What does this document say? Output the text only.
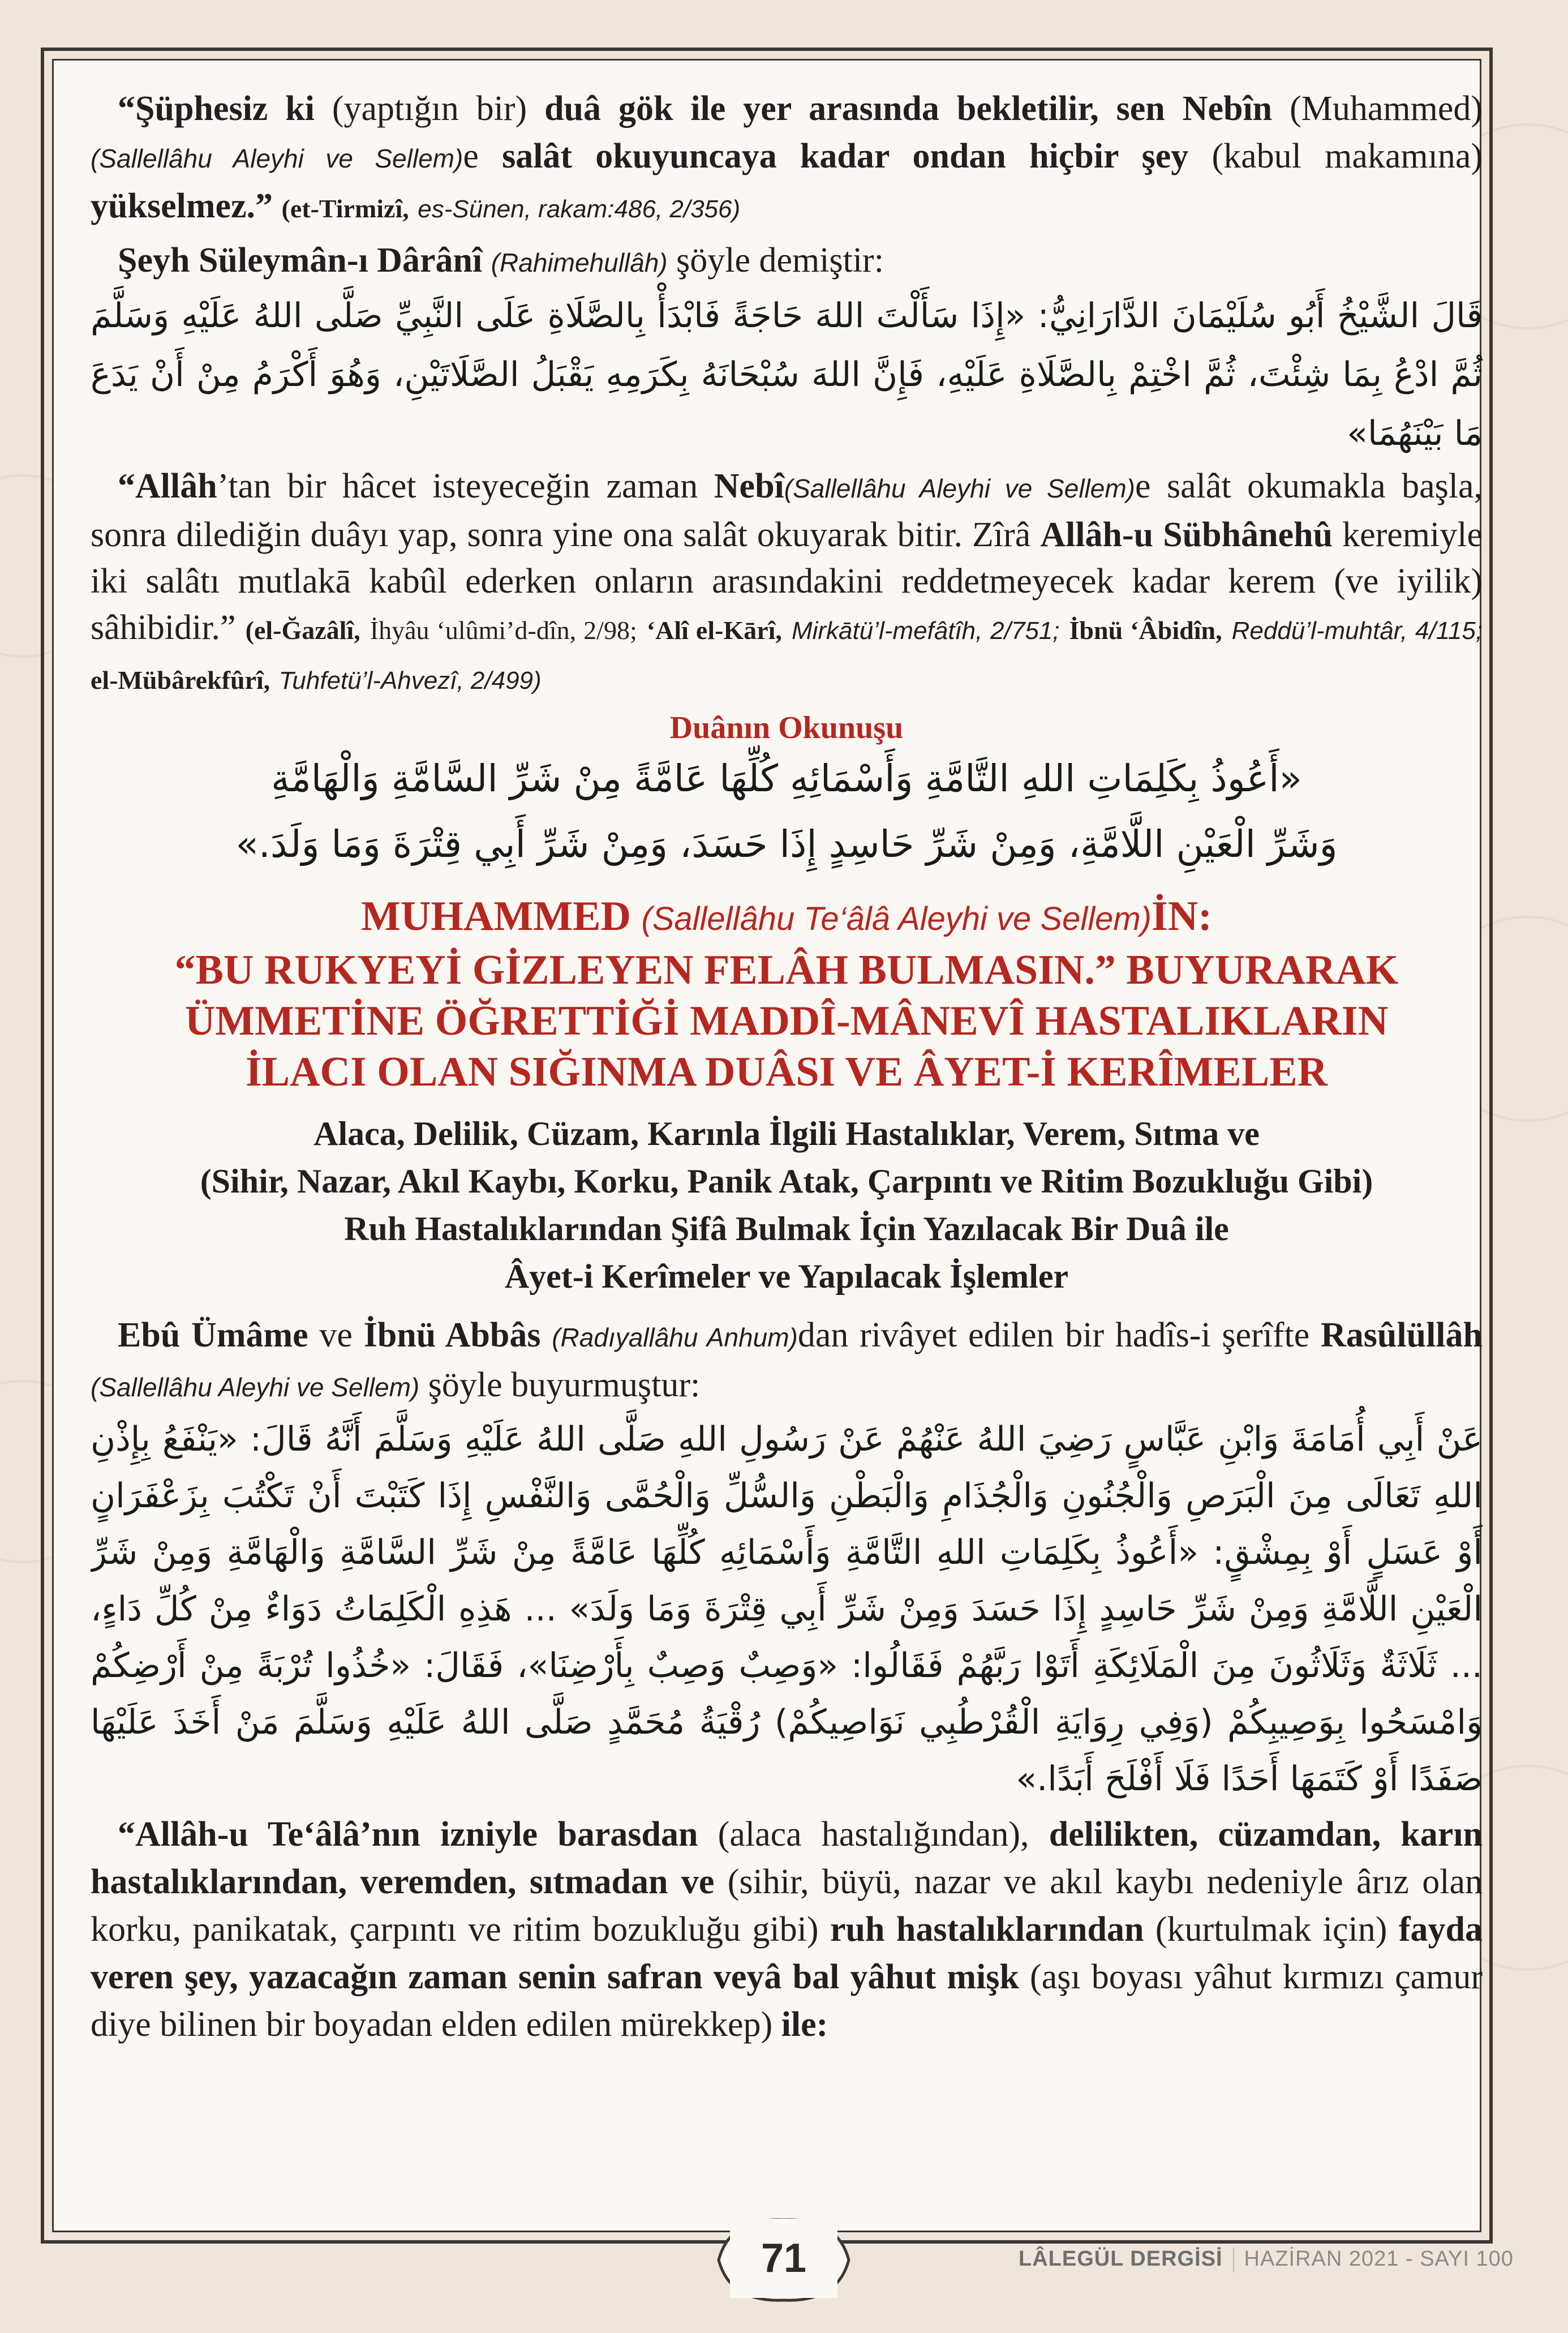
“Şüphesiz ki (yaptığın bir) duâ gök ile yer arasında bekletilir, sen Nebîn (Muhammed) (Sallellâhu Aleyhi ve Sellem)e salât okuyuncaya kadar ondan hiçbir şey (kabul makamına) yükselmez.” (et-Tirmizî, es-Sünen, rakam:486, 2/356)

Şeyh Süleymân-ı Dârânî (Rahimehullâh) şöyle demiştir:

قَالَ الشَّيْخُ أَبُو سُلَيْمَانَ الدَّارَانِيُّ: «إِذَا سَأَلْتَ اللهَ حَاجَةً فَابْدَأْ بِالصَّلَاةِ عَلَى النَّبِيِّ صَلَّى اللهُ عَلَيْهِ وَسَلَّمَ ثُمَّ ادْعُ بِمَا شِئْتَ، ثُمَّ اخْتِمْ بِالصَّلَاةِ عَلَيْهِ، فَإِنَّ اللهَ سُبْحَانَهُ بِكَرَمِهِ يَقْبَلُ الصَّلَاتَيْنِ، وَهُوَ أَكْرَمُ مِنْ أَنْ يَدَعَ مَا بَيْنَهُمَا»

“Allâh’tan bir hâcet isteyeceğin zaman Nebî(Sallellâhu Aleyhi ve Sellem)e salât okumakla başla, sonra dilediğin duâyı yap, sonra yine ona salât okuyarak bitir. Zîrâ Allâh-u Sübhânehû keremiyle iki salâtı mutlakā kabûl ederken onların arasındakini reddetmeyecek kadar kerem (ve iyilik) sâhibidir.” (el-Ğazâlî, İhyâu ‘ulûmi’d-dîn, 2/98; ‘Alî el-Kārî, Mirkātü’l-mefâtîh, 2/751; İbnü ‘Âbidîn, Reddü’l-muhtâr, 4/115; el-Mübârekfûrî, Tuhfetü’l-Ahvezî, 2/499)

Duânın Okunuşu

«أَعُوذُ بِكَلِمَاتِ اللهِ التَّامَّةِ وَأَسْمَائِهِ كُلِّهَا عَامَّةً مِنْ شَرِّ السَّامَّةِ وَالْهَامَّةِ

وَشَرِّ الْعَيْنِ اللَّامَّةِ، وَمِنْ شَرِّ حَاسِدٍ إِذَا حَسَدَ، وَمِنْ شَرِّ أَبِي قِتْرَةَ وَمَا وَلَدَ.»

MUHAMMED (Sallellâhu Te‘âlâ Aleyhi ve Sellem)İN:

“BU RUKYEYİ GİZLEYEN FELÂH BULMASIN.” BUYURARAK

ÜMMETİNE ÖĞRETTİĞİ MADDÎ-MÂNEVÎ HASTALIKLARIN

İLACI OLAN SIĞINMA DUÂSI VE ÂYET-İ KERÎMELER

Alaca, Delilik, Cüzam, Karınla İlgili Hastalıklar, Verem, Sıtma ve

(Sihir, Nazar, Akıl Kaybı, Korku, Panik Atak, Çarpıntı ve Ritim Bozukluğu Gibi)

Ruh Hastalıklarından Şifâ Bulmak İçin Yazılacak Bir Duâ ile

Âyet-i Kerîmeler ve Yapılacak İşlemler

Ebû Ümâme ve İbnü Abbâs (Radıyallâhu Anhum)dan rivâyet edilen bir hadîs-i şerîfte Rasûlüllâh (Sallellâhu Aleyhi ve Sellem) şöyle buyurmuştur:

عَنْ أَبِي أُمَامَةَ وَابْنِ عَبَّاسٍ رَضِيَ اللهُ عَنْهُمْ عَنْ رَسُولِ اللهِ صَلَّى اللهُ عَلَيْهِ وَسَلَّمَ أَنَّهُ قَالَ: «يَنْفَعُ بِإِذْنِ اللهِ تَعَالَى مِنَ الْبَرَصِ وَالْجُنُونِ وَالْجُذَامِ وَالْبَطْنِ وَالسُّلِّ وَالْحُمَّى وَالنَّفْسِ إِذَا كَتَبْتَ أَنْ تَكْتُبَ بِزَعْفَرَانٍ أَوْ عَسَلٍ أَوْ بِمِشْقٍ: «أَعُوذُ بِكَلِمَاتِ اللهِ التَّامَّةِ وَأَسْمَائِهِ كُلِّهَا عَامَّةً مِنْ شَرِّ السَّامَّةِ وَالْهَامَّةِ وَمِنْ شَرِّ الْعَيْنِ اللَّامَّةِ وَمِنْ شَرِّ حَاسِدٍ إِذَا حَسَدَ وَمِنْ شَرِّ أَبِي قِتْرَةَ وَمَا وَلَدَ» ... هَذِهِ الْكَلِمَاتُ دَوَاءٌ مِنْ كُلِّ دَاءٍ، ... ثَلَاثَةٌ وَثَلَاثُونَ مِنَ الْمَلَائِكَةِ أَتَوْا رَبَّهُمْ فَقَالُوا: «وَصِبٌ وَصِبٌ بِأَرْضِنَا»، فَقَالَ: «خُذُوا تُرْبَةً مِنْ أَرْضِكُمْ وَامْسَحُوا بِوَصِيبِكُمْ (وَفِي رِوَايَةِ الْقُرْطُبِي نَوَاصِيكُمْ) رُقْيَةُ مُحَمَّدٍ صَلَّى اللهُ عَلَيْهِ وَسَلَّمَ مَنْ أَخَذَ عَلَيْهَا صَفَدًا أَوْ كَتَمَهَا أَحَدًا فَلَا أَفْلَحَ أَبَدًا.»

“Allâh-u Te‘âlâ’nın izniyle barasdan (alaca hastalığından), delilikten, cüzamdan, karın hastalıklarından, veremden, sıtmadan ve (sihir, büyü, nazar ve akıl kaybı nedeniyle ârız olan korku, panikatak, çarpıntı ve ritim bozukluğu gibi) ruh hastalıklarından (kurtulmak için) fayda veren şey, yazacağın zaman senin safran veyâ bal yâhut mişk (aşı boyası yâhut kırmızı çamur diye bilinen bir boyadan elden edilen mürekkep) ile:

71	LÂLEGÜL DERGİSİ HAZİRAN 2021 - SAYI 100
